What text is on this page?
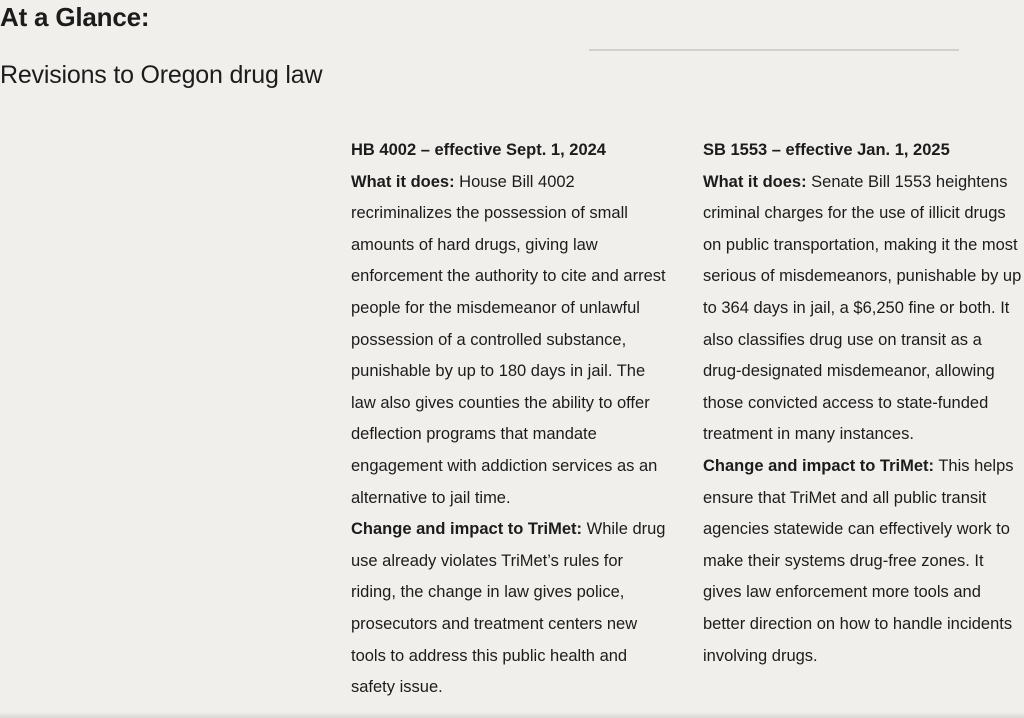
At a Glance:
Revisions to Oregon drug law

HB 4002 – effective Sept. 1, 2024

What it does: House Bill 4002 recriminalizes the possession of small amounts of hard drugs, giving law enforcement the authority to cite and arrest people for the misdemeanor of unlawful possession of a controlled substance, punishable by up to 180 days in jail. The law also gives counties the ability to offer deflection programs that mandate engagement with addiction services as an alternative to jail time.

Change and impact to TriMet: While drug use already violates TriMet’s rules for riding, the change in law gives police, prosecutors and treatment centers new tools to address this public health and safety issue.

SB 1553 – effective Jan. 1, 2025

What it does: Senate Bill 1553 heightens criminal charges for the use of illicit drugs on public transportation, making it the most serious of misdemeanors, punishable by up to 364 days in jail, a $6,250 fine or both. It also classifies drug use on transit as a drug-designated misdemeanor, allowing those convicted access to state-funded treatment in many instances.

Change and impact to TriMet: This helps ensure that TriMet and all public transit agencies statewide can effectively work to make their systems drug-free zones. It gives law enforcement more tools and better direction on how to handle incidents involving drugs.
